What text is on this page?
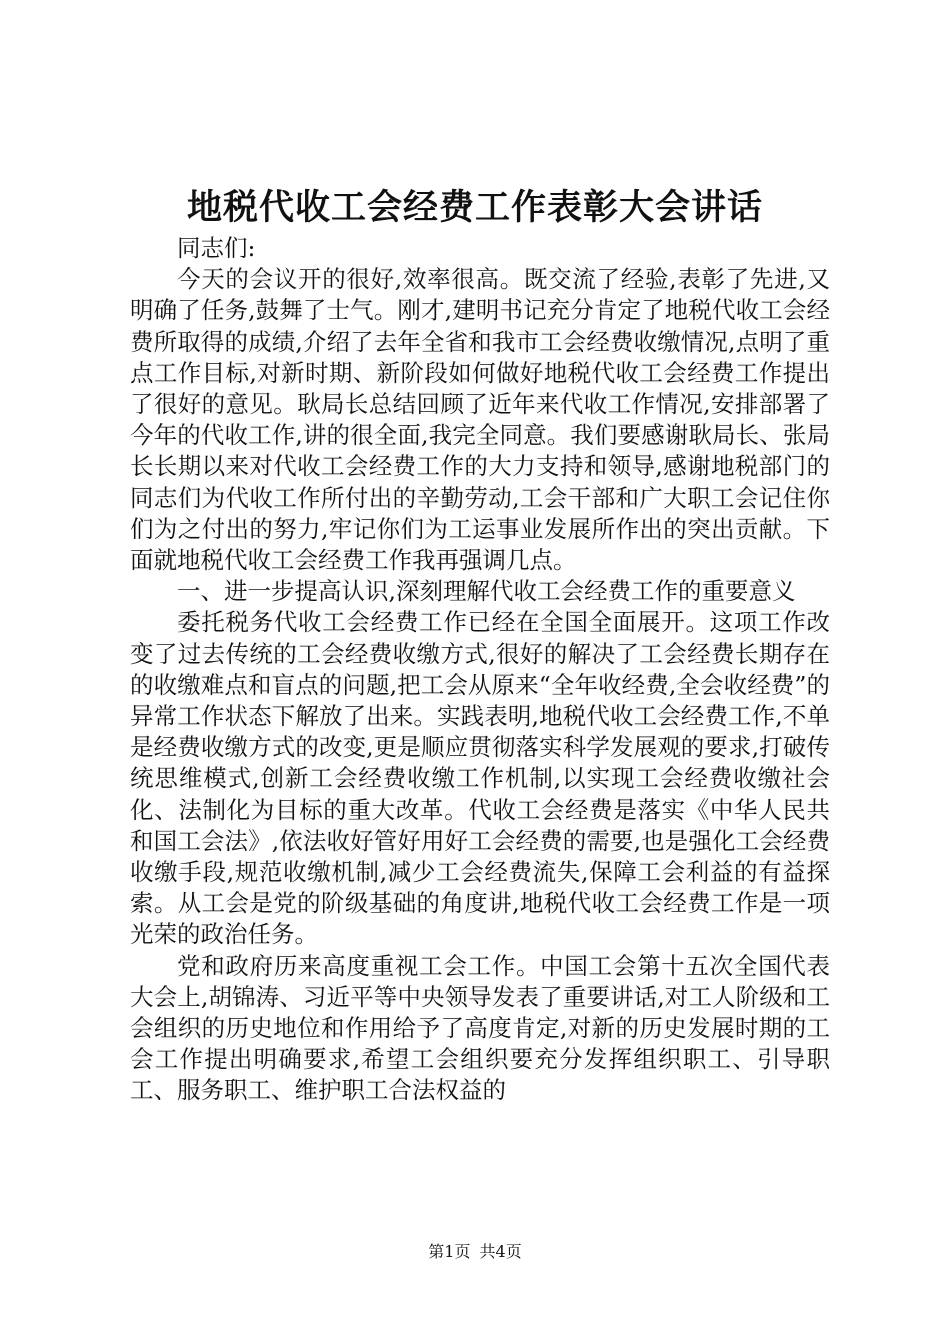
地税代收工会经费工作表彰大会讲话

同志们:

今天的会议开的很好,效率很高。既交流了经验,表彰了先进,又明确了任务,鼓舞了士气。刚才,建明书记充分肯定了地税代收工会经费所取得的成绩,介绍了去年全省和我市工会经费收缴情况,点明了重点工作目标,对新时期、新阶段如何做好地税代收工会经费工作提出了很好的意见。耿局长总结回顾了近年来代收工作情况,安排部署了今年的代收工作,讲的很全面,我完全同意。我们要感谢耿局长、张局长长期以来对代收工会经费工作的大力支持和领导,感谢地税部门的同志们为代收工作所付出的辛勤劳动,工会干部和广大职工会记住你们为之付出的努力,牢记你们为工运事业发展所作出的突出贡献。下面就地税代收工会经费工作我再强调几点。

一、进一步提高认识,深刻理解代收工会经费工作的重要意义

委托税务代收工会经费工作已经在全国全面展开。这项工作改变了过去传统的工会经费收缴方式,很好的解决了工会经费长期存在的收缴难点和盲点的问题,把工会从原来“全年收经费,全会收经费”的异常工作状态下解放了出来。实践表明,地税代收工会经费工作,不单是经费收缴方式的改变,更是顺应贯彻落实科学发展观的要求,打破传统思维模式,创新工会经费收缴工作机制,以实现工会经费收缴社会化、法制化为目标的重大改革。代收工会经费是落实《中华人民共和国工会法》,依法收好管好用好工会经费的需要,也是强化工会经费收缴手段,规范收缴机制,减少工会经费流失,保障工会利益的有益探索。从工会是党的阶级基础的角度讲,地税代收工会经费工作是一项光荣的政治任务。

党和政府历来高度重视工会工作。中国工会第十五次全国代表大会上,胡锦涛、习近平等中央领导发表了重要讲话,对工人阶级和工会组织的历史地位和作用给予了高度肯定,对新的历史发展时期的工会工作提出明确要求,希望工会组织要充分发挥组织职工、引导职工、服务职工、维护职工合法权益的

第1页 共4页
